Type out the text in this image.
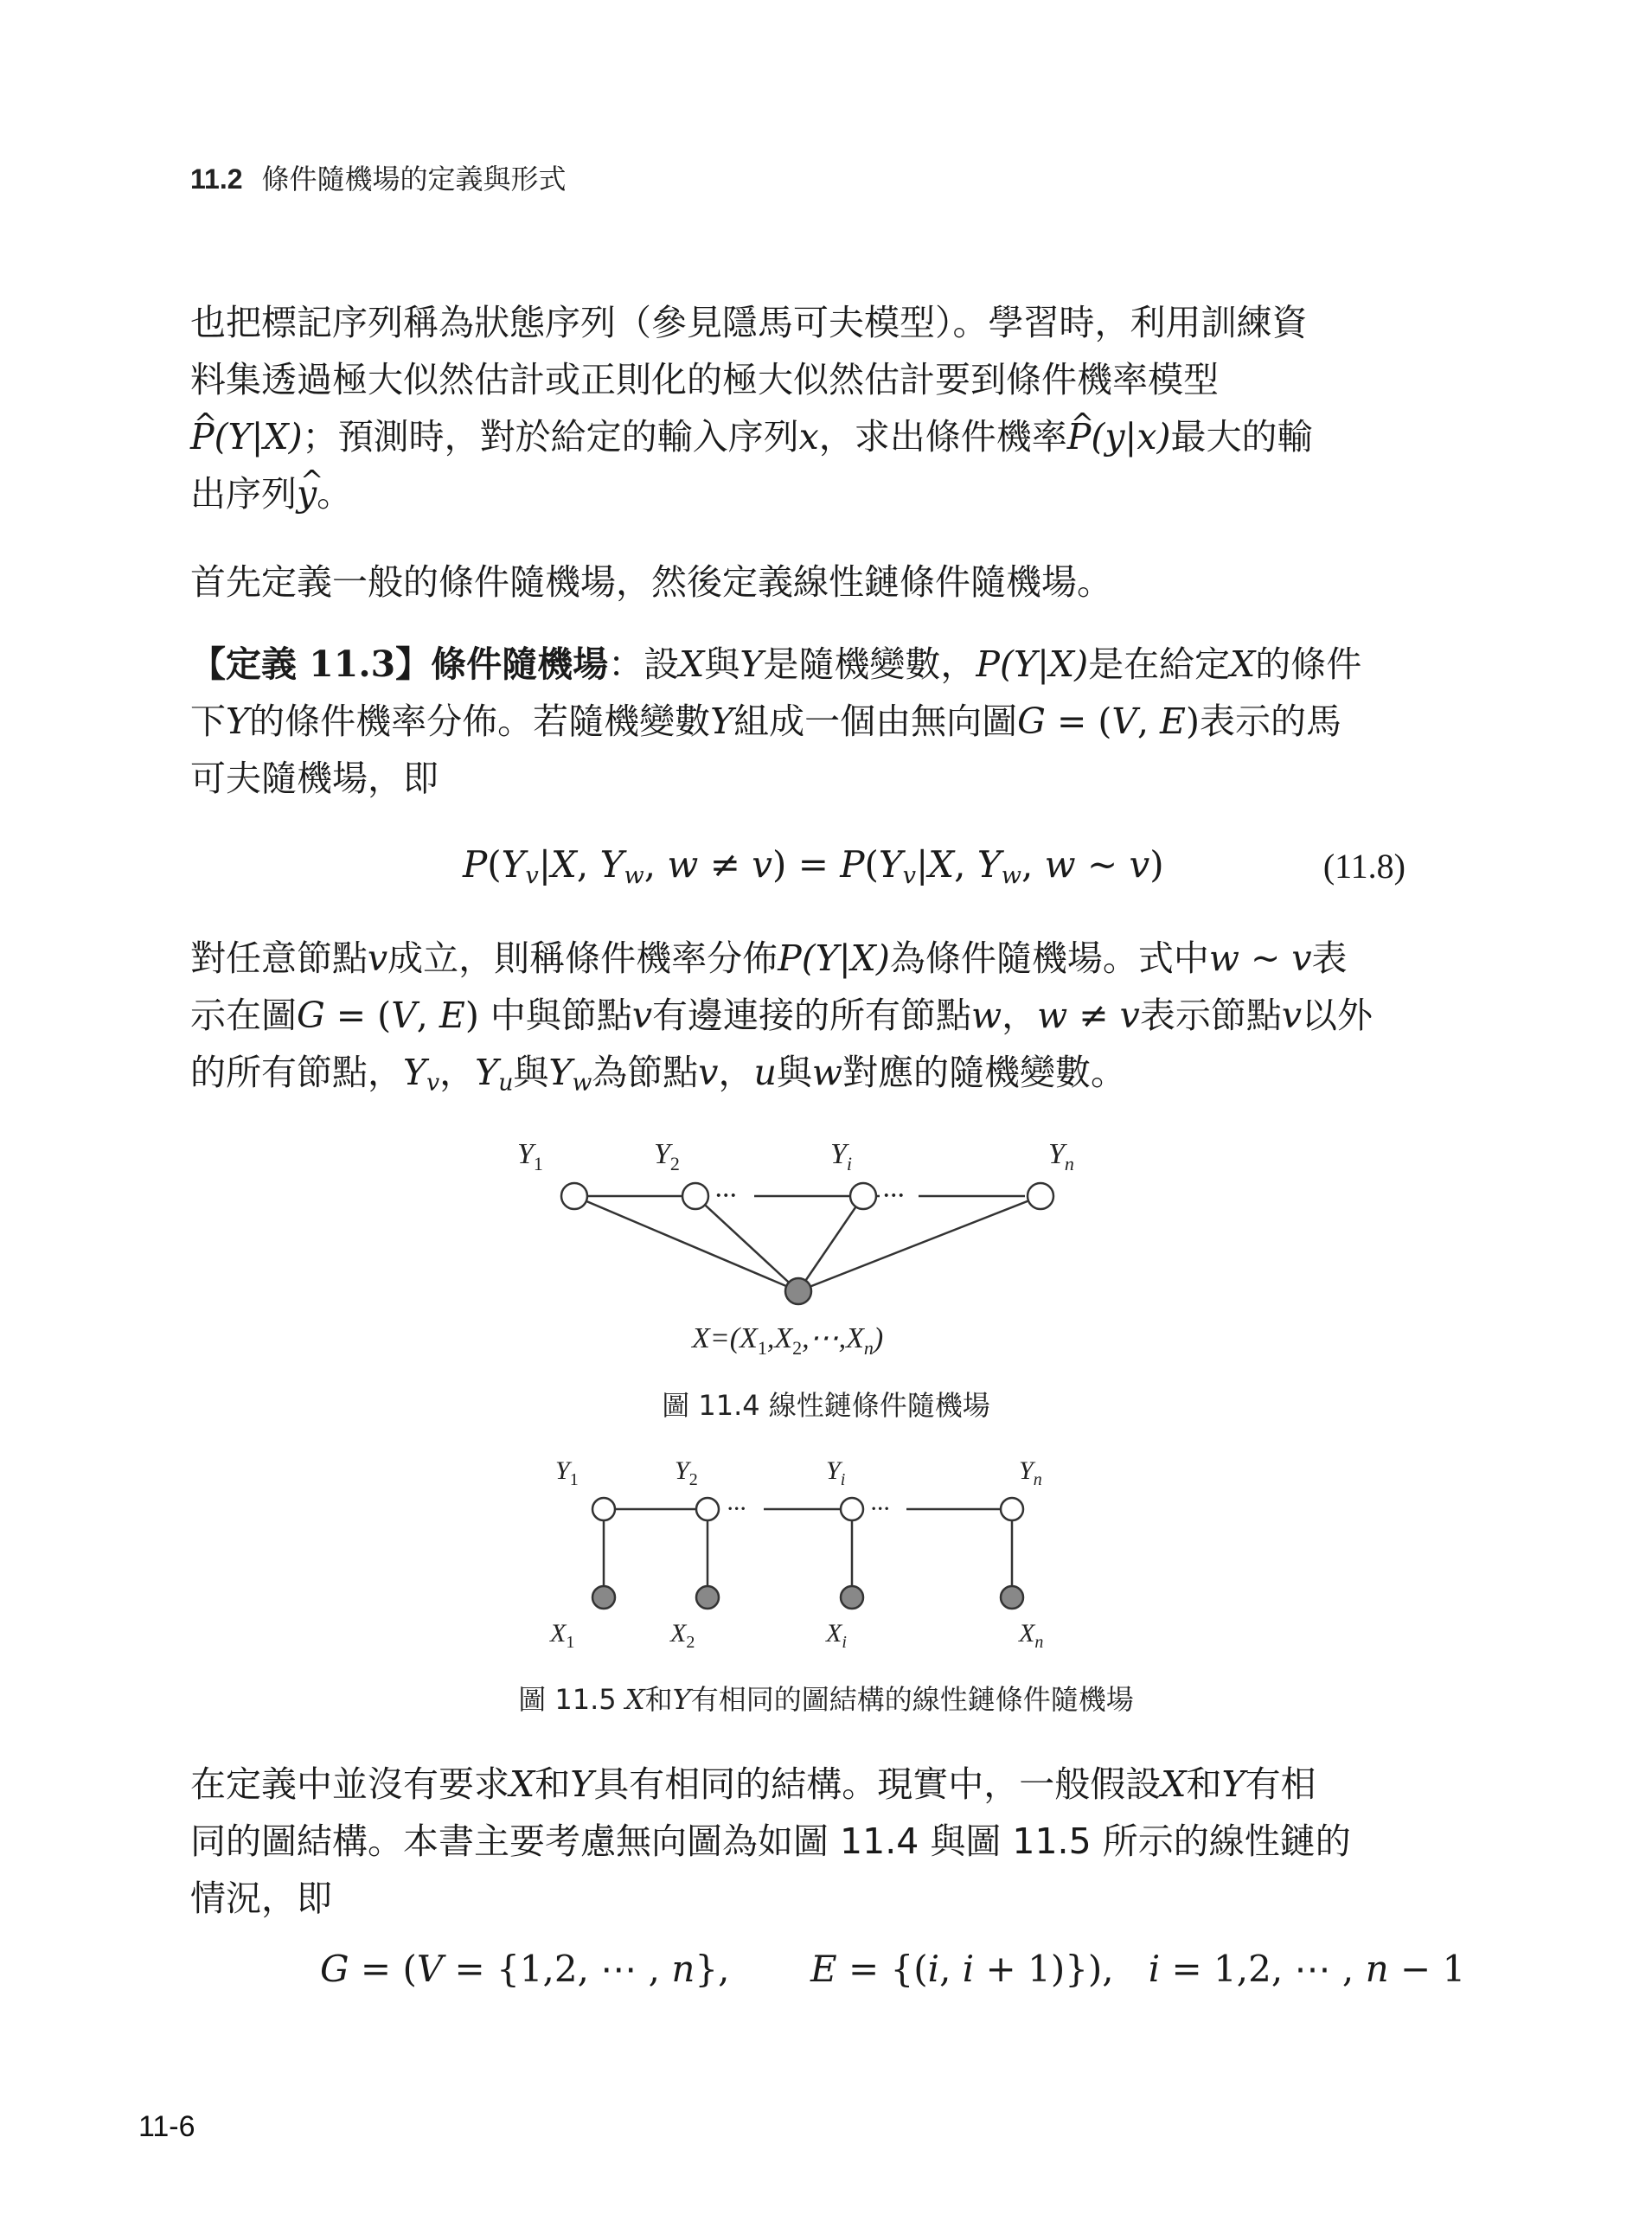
11.2 條件隨機場的定義與形式
也把標記序列稱為狀態序列（參見隱馬可夫模型）。學習時，利用訓練資
料集透過極大似然估計或正則化的極大似然估計要到條件機率模型
^ P(Y|X)；預測時，對於給定的輸入序列x，求出條件機率^ P(y|x)最大的輸
出序列^ y。
首先定義一般的條件隨機場，然後定義線性鏈條件隨機場。
【定義 11.3】條件隨機場：設X與Y是隨機變數，P(Y|X)是在給定X的條件
下Y的條件機率分佈。若隨機變數Y組成一個由無向圖G = (V, E)表示的馬
可夫隨機場，即
$P(Y_v|X$, $Y_w$, $w \ne v) = P(Y_v|X$, $Y_w$, w ~ v)	(11.8)
對任意節點v成立，則稱條件機率分佈P(Y|X)為條件隨機場。式中w ~ v表
示在圖G = (V, E) 中與節點v有邊連接的所有節點w，w ≠ v表示節點v以外
的所有節點，$Y_v$，$Y_u$與$Y_w$為節點v，u與w對應的隨機變數。
···	···
$Y_1$	$Y_2$	$Y_i$	$Y_n$
$X=(X_1,X_2,\cdots,X_n)$
圖 11.4 線性鏈條件隨機場
···	···
$Y_1$	$Y_2$	$Y_i$	$Y_n$
$X_1$	$X_2$	$X_i$	$X_n$
圖 11.5 X和Y有相同的圖結構的線性鏈條件隨機場
在定義中並沒有要求X和Y具有相同的結構。現實中，一般假設X和Y有相
同的圖結構。本書主要考慮無向圖為如圖 11.4 與圖 11.5 所示的線性鏈的
情況，即
G = (V = {1,2, ⋯ , n},       E = {(i, i + 1)}),   i = 1,2, ⋯ , n − 1
11-6
